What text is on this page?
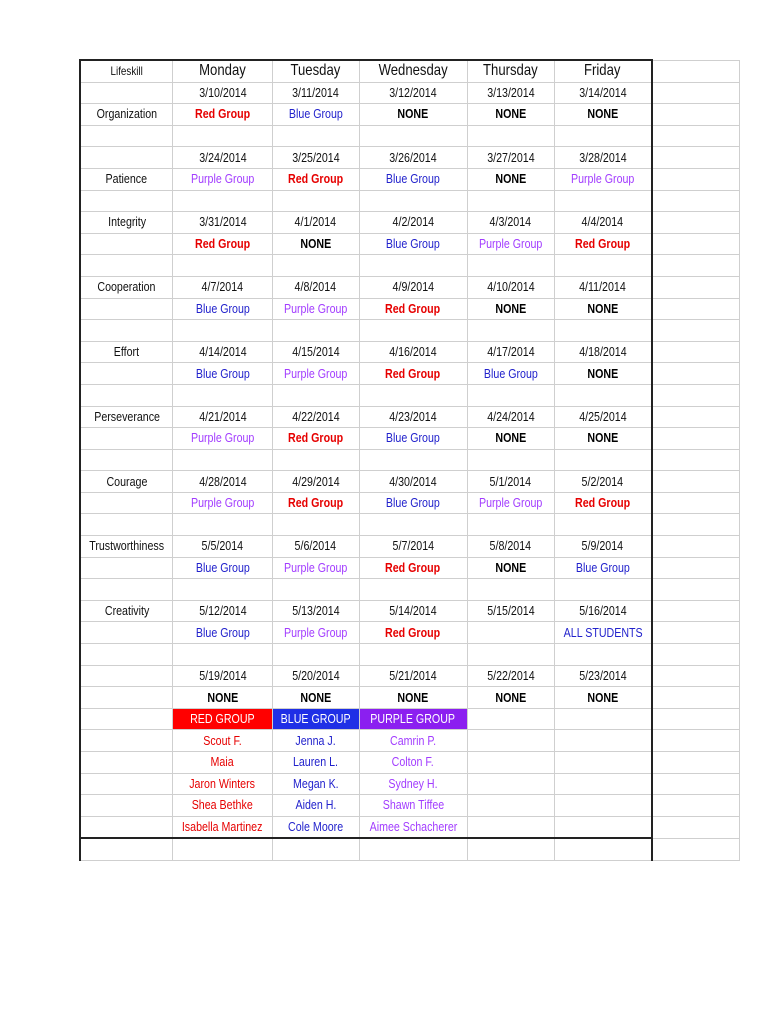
Lifeskill	Monday	Tuesday	Wednesday	Thursday	Friday	
	3/10/2014	3/11/2014	3/12/2014	3/13/2014	3/14/2014	
Organization	Red Group	Blue Group	NONE	NONE	NONE	

	3/24/2014	3/25/2014	3/26/2014	3/27/2014	3/28/2014	
Patience	Purple Group	Red Group	Blue Group	NONE	Purple Group	

Integrity	3/31/2014	4/1/2014	4/2/2014	4/3/2014	4/4/2014	
	Red Group	NONE	Blue Group	Purple Group	Red Group	

Cooperation	4/7/2014	4/8/2014	4/9/2014	4/10/2014	4/11/2014	
	Blue Group	Purple Group	Red Group	NONE	NONE	

Effort	4/14/2014	4/15/2014	4/16/2014	4/17/2014	4/18/2014	
	Blue Group	Purple Group	Red Group	Blue Group	NONE	

Perseverance	4/21/2014	4/22/2014	4/23/2014	4/24/2014	4/25/2014	
	Purple Group	Red Group	Blue Group	NONE	NONE	

Courage	4/28/2014	4/29/2014	4/30/2014	5/1/2014	5/2/2014	
	Purple Group	Red Group	Blue Group	Purple Group	Red Group	

Trustworthiness	5/5/2014	5/6/2014	5/7/2014	5/8/2014	5/9/2014	
	Blue Group	Purple Group	Red Group	NONE	Blue Group	

Creativity	5/12/2014	5/13/2014	5/14/2014	5/15/2014	5/16/2014	
	Blue Group	Purple Group	Red Group		ALL STUDENTS	

	5/19/2014	5/20/2014	5/21/2014	5/22/2014	5/23/2014	
	NONE	NONE	NONE	NONE	NONE	
	RED GROUP	BLUE GROUP	PURPLE GROUP			
	Scout F.	Jenna J.	Camrin P.			
	Maia	Lauren L.	Colton F.			
	Jaron Winters	Megan K.	Sydney H.			
	Shea Bethke	Aiden H.	Shawn Tiffee			
	Isabella Martinez	Cole Moore	Aimee Schacherer			
